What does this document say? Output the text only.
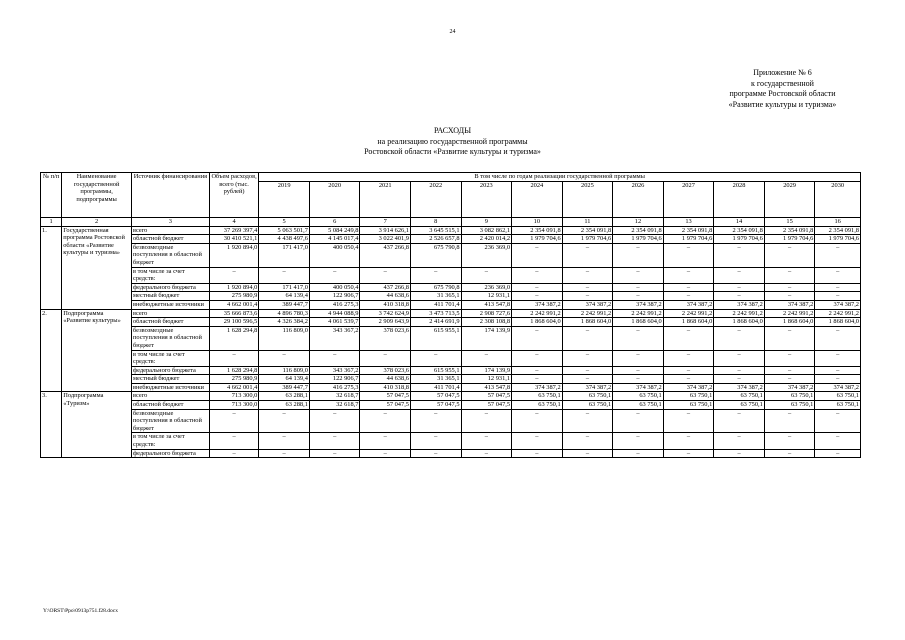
24
Приложение № 6
к государственной
программе Ростовской области
«Развитие культуры и туризма»
РАСХОДЫ
на реализацию государственной программы
Ростовской области «Развитие культуры и туризма»
№ п/п	Наименование государственной программы, подпрограммы	Источник финансирования	Объем расходов, всего (тыс. рублей)	В том числе по годам реализации государственной программы											
				2019	2020	2021	2022	2023	2024	2025	2026	2027	2028	2029	2030
1	2	3	4	5	6	7	8	9	10	11	12	13	14	15	16
1.	Государственная программа Ростовской области «Развитие культуры и туризма»	всего	37 269 397,4	5 063 501,7	5 084 249,8	3 914 626,1	3 645 515,1	3 082 862,1	2 354 091,8	2 354 091,8	2 354 091,8	2 354 091,8	2 354 091,8	2 354 091,8	2 354 091,8
		областной бюджет	30 410 521,1	4 438 497,6	4 145 017,4	3 022 401,9	2 526 657,8	2 420 014,2	1 979 704,6	1 979 704,6	1 979 704,6	1 979 704,6	1 979 704,6	1 979 704,6	1 979 704,6
		безвозмездные поступления в областной бюджет	1 920 894,0	171 417,0	400 050,4	437 266,8	675 790,8	236 369,0	–	–	–	–	–	–	–
		в том числе за счет средств:	–	–	–	–	–	–	–	–	–	–	–	–	–
		федерального бюджета	1 920 894,0	171 417,0	400 050,4	437 266,8	675 790,8	236 369,0	–	–	–	–	–	–	–
		местный бюджет	275 980,9	64 139,4	122 906,7	44 638,6	31 365,1	12 931,1	–	–	–	–	–	–	–
		внебюджетные источники	4 662 001,4	389 447,7	416 275,3	410 318,8	411 701,4	413 547,8	374 387,2	374 387,2	374 387,2	374 387,2	374 387,2	374 387,2	374 387,2
2.	Подпрограмма «Развитие культуры»	всего	35 666 873,6	4 896 780,3	4 944 088,9	3 742 624,9	3 473 713,5	2 908 727,6	2 242 991,2	2 242 991,2	2 242 991,2	2 242 991,2	2 242 991,2	2 242 991,2	2 242 991,2
		областной бюджет	29 100 596,5	4 326 384,2	4 061 539,7	2 909 643,9	2 414 691,9	2 308 108,8	1 868 604,0	1 868 604,0	1 868 604,0	1 868 604,0	1 868 604,0	1 868 604,0	1 868 604,0
		безвозмездные поступления в областной бюджет	1 628 294,8	116 809,0	343 367,2	378 023,6	615 955,1	174 139,9	–	–	–	–	–	–	–
		в том числе за счет средств:	–	–	–	–	–	–	–	–	–	–	–	–	–
		федерального бюджета	1 628 294,8	116 809,0	343 367,2	378 023,6	615 955,1	174 139,9	–	–	–	–	–	–	–
		местный бюджет	275 980,9	64 139,4	122 906,7	44 638,6	31 365,1	12 931,1	–	–	–	–	–	–	–
		внебюджетные источники	4 662 001,4	389 447,7	416 275,3	410 318,8	411 701,4	413 547,8	374 387,2	374 387,2	374 387,2	374 387,2	374 387,2	374 387,2	374 387,2
3.	Подпрограмма «Туризм»	всего	713 300,0	63 288,1	32 618,7	57 047,5	57 047,5	57 047,5	63 750,1	63 750,1	63 750,1	63 750,1	63 750,1	63 750,1	63 750,1
		областной бюджет	713 300,0	63 288,1	32 618,7	57 047,5	57 047,5	57 047,5	63 750,1	63 750,1	63 750,1	63 750,1	63 750,1	63 750,1	63 750,1
		безвозмездные поступления в областной бюджет	–	–	–	–	–	–	–	–	–	–	–	–	–
		в том числе за счет средств:	–	–	–	–	–	–	–	–	–	–	–	–	–
		федерального бюджета	–	–	–	–	–	–	–	–	–	–	–	–	–
Y:\ORST\Ppo\0913p751.f28.docx
